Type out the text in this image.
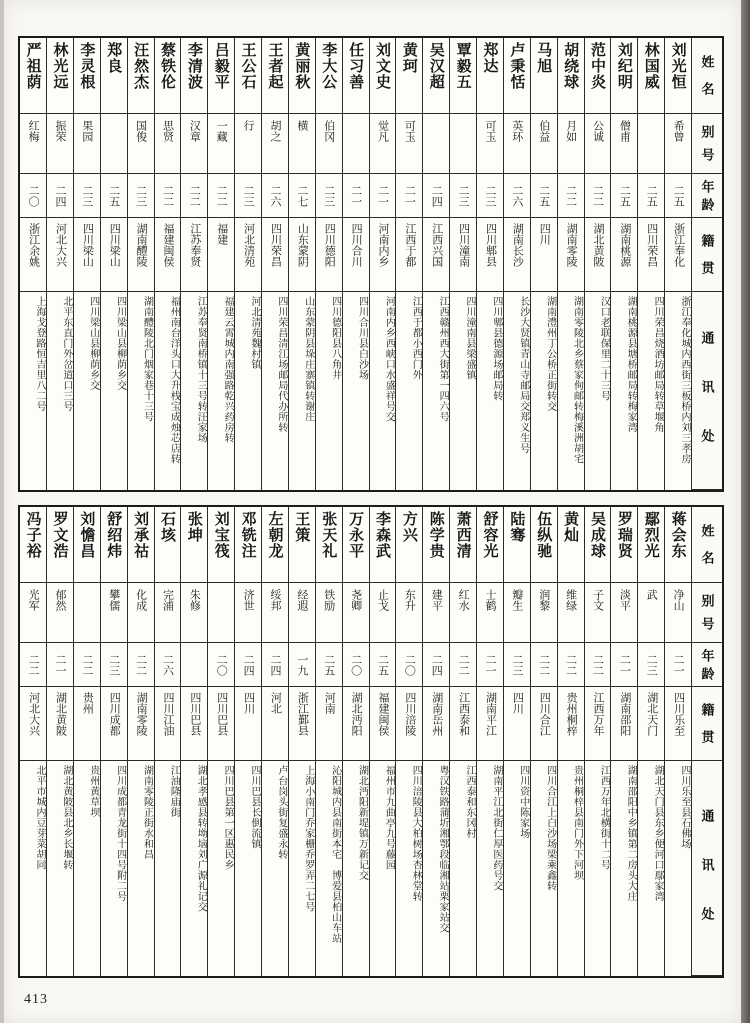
姓名
别号
年龄
籍贯
通讯处
刘光恒
希曾
二五
浙江奉化
浙江奉化城内西街三板桥内刘三孝房
林国威
二五
四川荣昌
四川荣昌烧酒坊邮局转草堰角
刘纪明
僧甫
二五
湖南桃源
湖南桃源县塘桥邮局转梅家湾
范中炎
公诚
二二
湖北黄陂
汉口老联保里二十三号
胡绕球
月如
二二
湖南零陵
湖南零陵北乡蔡家侚邮转梅溪洲胡宅
马旭
伯益
二五
四川
湖南澧州丁公桥正街转交
卢秉恬
英环
二六
湖南长沙
长沙大贤镇青山寺邮局交郑义生号
郑达
可玉
二三
四川郫县
四川郫县德源场邮局转
覃毅五
二三
四川潼南
四川潼南县梁盛镇
吴汉超
二四
江西兴国
江西赣州西大街第一四六号
黄珂
可玉
二一
江西于都
江西于都小西门外
刘文史
觉凡
二一
河南内乡
河南内乡西峡口水盛祥号交
任习善
二一
四川合川
四川合川县白沙场
李大公
伯冈
二三
四川德阳
四川德阳县八角井
黄丽秋
横
二七
山东蒙阴
山东蒙阴县垛庄寨镇转谢庄
王者起
胡之
二六
四川荣昌
四川荣昌清江场邮局代办所转
王公石
行
二三
河北清苑
河北清苑魏村镇
吕毅平
一藏
二二
福建
福建云霄城内南强路乾兴药房转
李清波
汉章
二二
江苏奉贤
江苏奉贤南桥镇十三号转汪家场
蔡铁伦
思贤
二二
福建闽侯
福州南台洋头口大升栈宝成烛芯店转
汪然杰
国俊
二三
湖南醴陵
湖南醴陵北门烟家巷十三号
郑良
二五
四川梁山
四川梁山县柳荫乡交
李灵根
果园
二三
四川梁山
四川梁山县柳荫乡交
林光远
振荣
二四
河北大兴
北平东直门外岔道口三号
严祖荫
红梅
二〇
浙江余姚
上海戈登路恒吉里八二号
姓名
别号
年龄
籍贯
通讯处
蒋会东
净山
二一
四川乐至
四川乐至县石佛场
鄢烈光
武
二三
湖北天门
湖北天门县东乡便河口鄢家湾
罗瑞贤
淡平
二一
湖南邵阳
湖南邵阳中乡镇第二房头大庄
吴成球
子文
二二
江西万年
江西万年北横街十二号
黄灿
维绿
二二
贵州桐梓
贵州桐梓县南门外下河坝
伍纵驰
润黎
二二
四川合江
四川合江上白沙场梁乘鑫转
陆骞
瓣生
二三
四川
四川资中陈家场
舒容光
士鹤
二一
湖南平江
湖南平江北街仁厚医药号交
萧西清
红水
二二
江西泰和
江西泰和东冈村
陈学贵
建平
二四
湖南岳州
粤汉铁路蒲圻湘鄂段临湘站栗家站交
方兴
东升
二〇
四川涪陵
四川涪陵县大柏树场杏林堂转
李森武
止戈
二五
福建闽侯
福州市九曲亭九号藤园
万永平
尧卿
二〇
湖北沔阳
湖北沔阳新堤镇万新记交
张天礼
铁励
二五
河南
沁阳城内县南街本宅　博爱县柏山车站
王策
经遐
一九
浙江鄞县
上海小南门乔家栅乔罗弄二七号
左朝龙
绥邦
二四
河北
卢台岗头街复盛永转
邓铣注
济世
二四
四川
四川巴县长倒流镇
刘宝筏
二〇
四川巴县
四川巴县第一区惠民乡
张坤
朱修
四川巴县
湖北孝感县转坳垴刘广源礼记交
石垓
完浦
二六
四川江油
江油隆庙街
刘承祜
化成
二二
湖南零陵
湖南零陵正街水和昌
舒绍炜
攀儒
二三
四川成都
四川成都青龙街十四号附二号
刘憺昌
二二
贵州
贵州黄草坝
罗文浩
郁然
二一
湖北黄陂
湖北黄陂县北乡长堰转
冯子裕
光军
二二
河北大兴
北平市城内豆芽菜胡同
413
